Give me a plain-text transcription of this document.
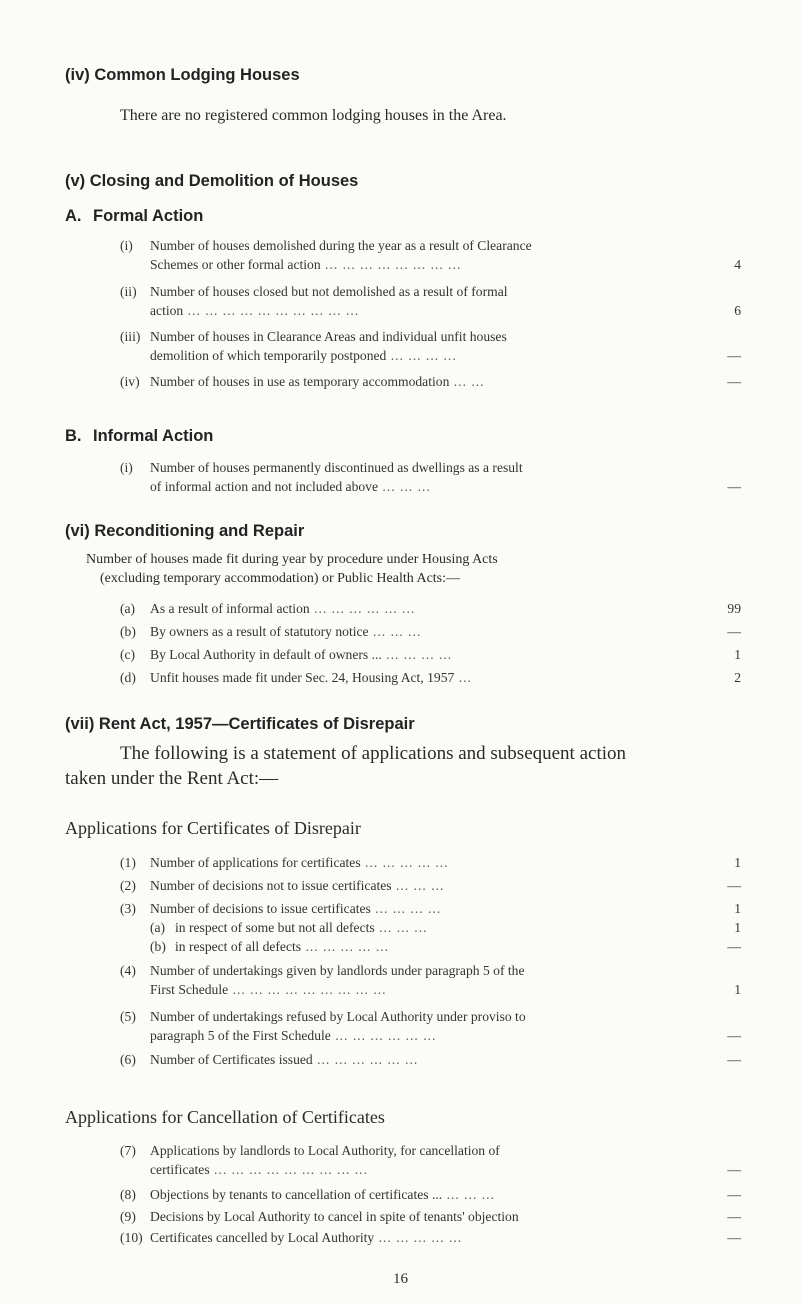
(iv) Common Lodging Houses
There are no registered common lodging houses in the Area.
(v) Closing and Demolition of Houses
A. Formal Action
(i) Number of houses demolished during the year as a result of Clearance
Schemes or other formal action ... ... ... ... ... ... ... ...	4
(ii) Number of houses closed but not demolished as a result of formal
action ... ... ... ... ... ... ... ... ... ...	6
(iii) Number of houses in Clearance Areas and individual unfit houses
demolition of which temporarily postponed ... ... ... ...	—
(iv) Number of houses in use as temporary accommodation ... ...	—
B. Informal Action
(i) Number of houses permanently discontinued as dwellings as a result
of informal action and not included above ... ... ...	—
(vi) Reconditioning and Repair
Number of houses made fit during year by procedure under Housing Acts
(excluding temporary accommodation) or Public Health Acts:—
(a) As a result of informal action ... ... ... ... ... ...	99
(b) By owners as a result of statutory notice ... ... ...	—
(c) By Local Authority in default of owners ... ... ... ... ...	1
(d) Unfit houses made fit under Sec. 24, Housing Act, 1957 ...	2
(vii) Rent Act, 1957—Certificates of Disrepair
The following is a statement of applications and subsequent action
taken under the Rent Act:—
Applications for Certificates of Disrepair
(1) Number of applications for certificates ... ... ... ... ...	1
(2) Number of decisions not to issue certificates ... ... ...	—
(3) Number of decisions to issue certificates ... ... ... ...	1
(a) in respect of some but not all defects ... ... ...	1
(b) in respect of all defects ... ... ... ... ...	—
(4) Number of undertakings given by landlords under paragraph 5 of the
First Schedule ... ... ... ... ... ... ... ... ...	1
(5) Number of undertakings refused by Local Authority under proviso to
paragraph 5 of the First Schedule ... ... ... ... ... ...	—
(6) Number of Certificates issued ... ... ... ... ... ...	—
Applications for Cancellation of Certificates
(7) Applications by landlords to Local Authority, for cancellation of
certificates ... ... ... ... ... ... ... ... ...	—
(8) Objections by tenants to cancellation of certificates ... ... ... ...	—
(9) Decisions by Local Authority to cancel in spite of tenants' objection	—
(10) Certificates cancelled by Local Authority ... ... ... ... ...	—
16
